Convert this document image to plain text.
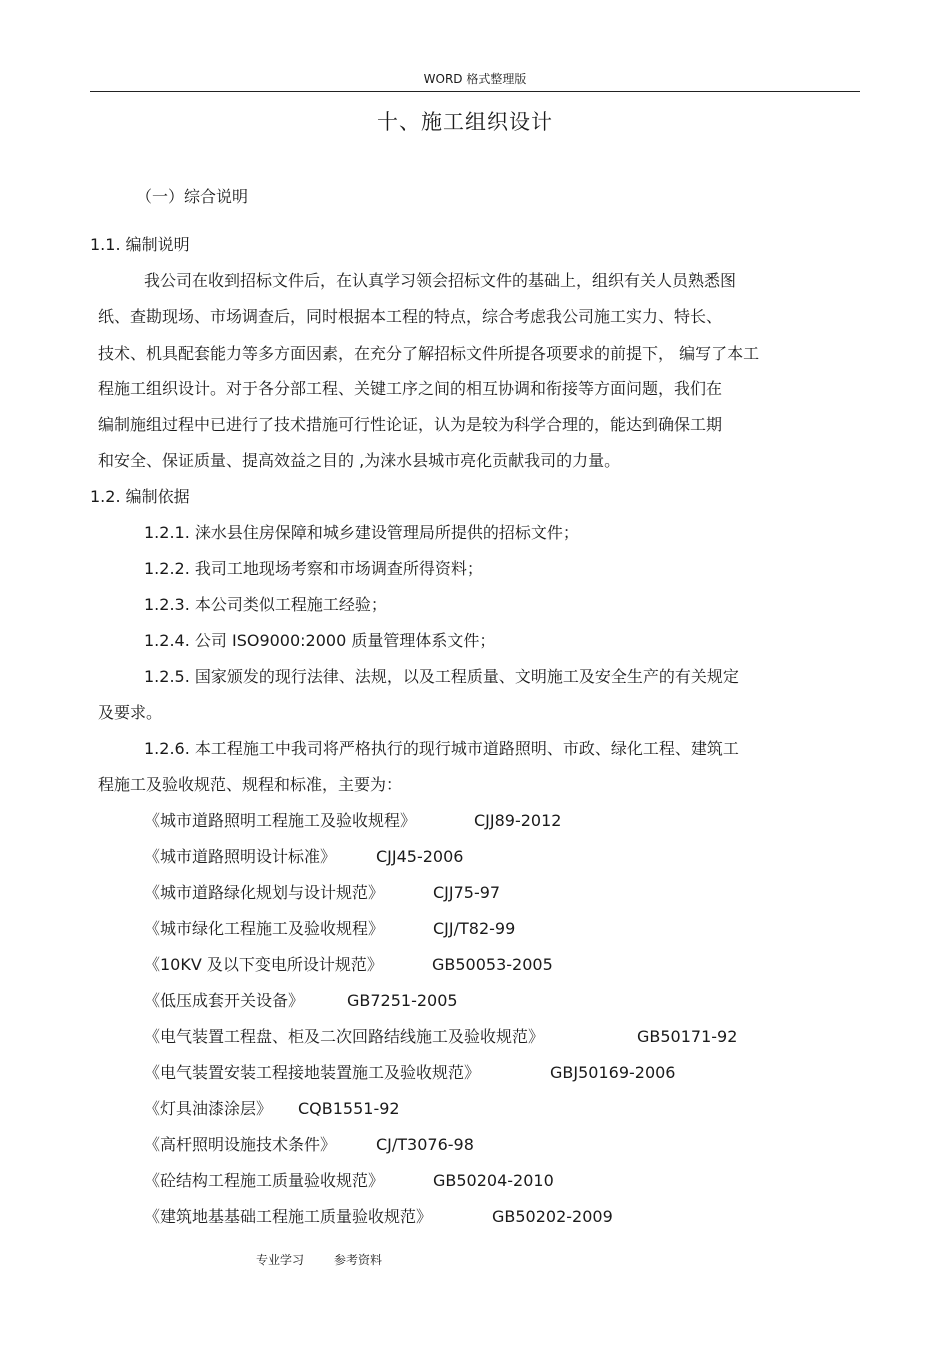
WORD 格式整理版
十、施工组织设计
（一）综合说明
1.1. 编制说明
我公司在收到招标文件后，在认真学习领会招标文件的基础上，组织有关人员熟悉图
纸、查勘现场、市场调查后，同时根据本工程的特点，综合考虑我公司施工实力、特长、
技术、机具配套能力等多方面因素，在充分了解招标文件所提各项要求的前提下， 编写了本工
程施工组织设计。对于各分部工程、关键工序之间的相互协调和衔接等方面问题，我们在
编制施组过程中已进行了技术措施可行性论证，认为是较为科学合理的，能达到确保工期
和安全、保证质量、提高效益之目的 ,为涞水县城市亮化贡献我司的力量。
1.2. 编制依据
1.2.1. 涞水县住房保障和城乡建设管理局所提供的招标文件；
1.2.2. 我司工地现场考察和市场调查所得资料；
1.2.3. 本公司类似工程施工经验；
1.2.4. 公司 ISO9000:2000 质量管理体系文件；
1.2.5. 国家颁发的现行法律、法规，以及工程质量、文明施工及安全生产的有关规定
及要求。
1.2.6. 本工程施工中我司将严格执行的现行城市道路照明、市政、绿化工程、建筑工
程施工及验收规范、规程和标准，主要为：
《城市道路照明工程施工及验收规程》	CJJ89-2012
《城市道路照明设计标准》 CJJ45-2006
《城市道路绿化规划与设计规范》	CJJ75-97
《城市绿化工程施工及验收规程》	CJJ/T82-99
《10KV 及以下变电所设计规范》	GB50053-2005
《低压成套开关设备》	GB7251-2005
《电气装置工程盘、柜及二次回路结线施工及验收规范》	GB50171-92
《电气装置安装工程接地装置施工及验收规范》	GBJ50169-2006
《灯具油漆涂层》 CQB1551-92
《高杆照明设施技术条件》 CJ/T3076-98
《砼结构工程施工质量验收规范》	GB50204-2010
《建筑地基基础工程施工质量验收规范》	GB50202-2009
专业学习 参考资料
